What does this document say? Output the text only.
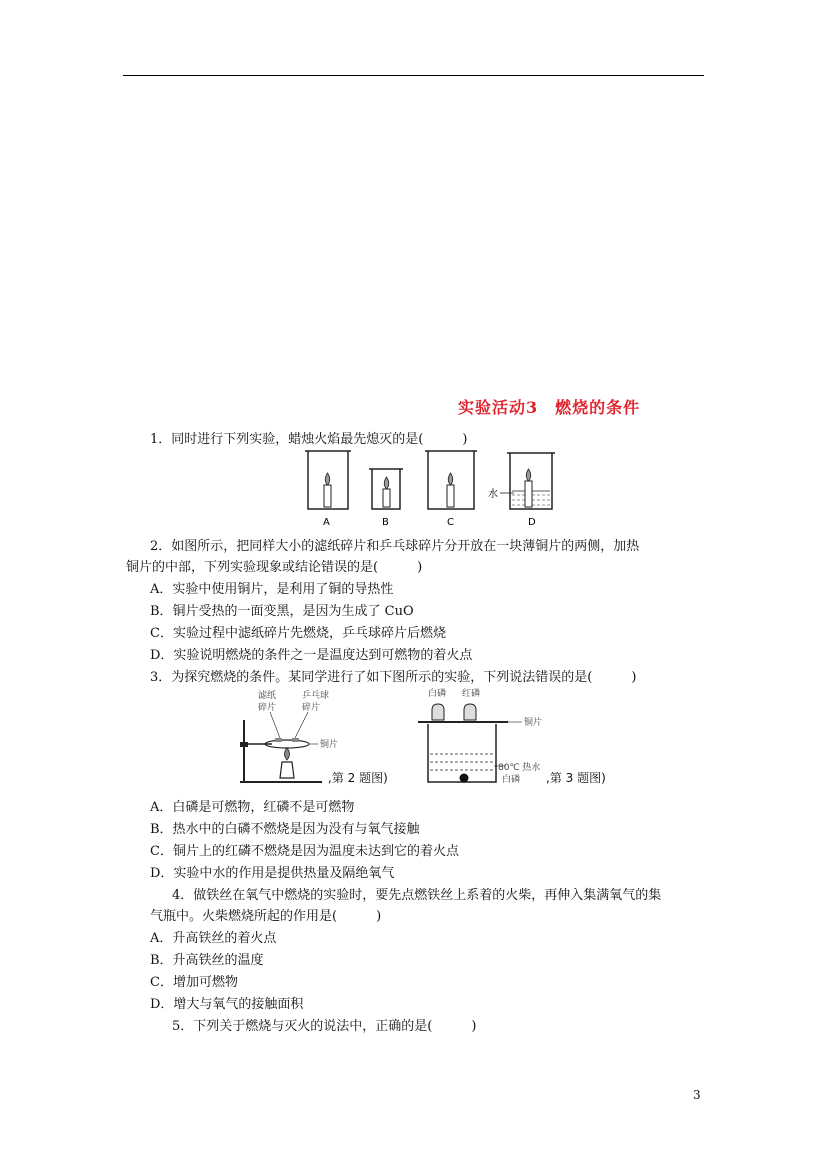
实验活动3　燃烧的条件
1．同时进行下列实验，蜡烛火焰最先熄灭的是(　　　)
A	B	C
水
D
2．如图所示，把同样大小的滤纸碎片和乒乓球碎片分开放在一块薄铜片的两侧，加热
铜片的中部，下列实验现象或结论错误的是(　　　)
A．实验中使用铜片，是利用了铜的导热性
B．铜片受热的一面变黑，是因为生成了 CuO
C．实验过程中滤纸碎片先燃烧，乒乓球碎片后燃烧
D．实验说明燃烧的条件之一是温度达到可燃物的着火点
3．为探究燃烧的条件。某同学进行了如下图所示的实验，下列说法错误的是(　　　)
滤纸
碎片
乒乓球
碎片
铜片
,第 2 题图)
白磷 红磷
铜片
80℃ 热水
白磷 ,第 3 题图)
A．白磷是可燃物，红磷不是可燃物
B．热水中的白磷不燃烧是因为没有与氧气接触
C．铜片上的红磷不燃烧是因为温度未达到它的着火点
D．实验中水的作用是提供热量及隔绝氧气
4．做铁丝在氧气中燃烧的实验时，要先点燃铁丝上系着的火柴，再伸入集满氧气的集
气瓶中。火柴燃烧所起的作用是(　　　)
A．升高铁丝的着火点
B．升高铁丝的温度
C．增加可燃物
D．增大与氧气的接触面积
5．下列关于燃烧与灭火的说法中，正确的是(　　　)
3
